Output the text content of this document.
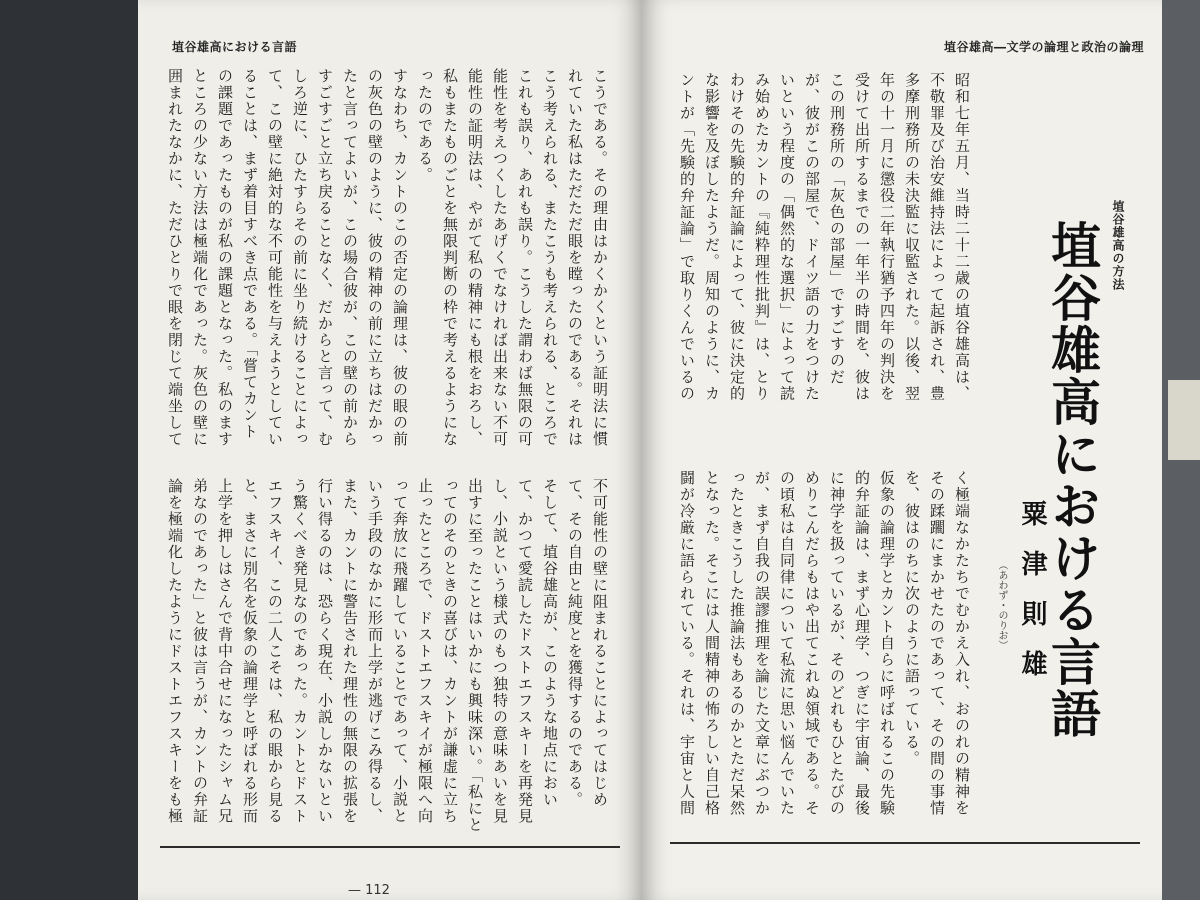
埴谷雄高における言語
こうである。その理由はかくかくという証明法に慣れていた私はただただ眼を瞠ったのである。それはこう考えられる、またこうも考えられる、ところでこれも誤り、あれも誤り。こうした謂わば無限の可能性を考えつくしたあげくでなければ出来ない不可能性の証明法は、やがて私の精神にも根をおろし、私もまたものごとを無限判断の枠で考えるようになったのである。
すなわち、カントのこの否定の論理は、彼の眼の前の灰色の壁のように、彼の精神の前に立ちはだかったと言ってよいが、この場合彼が、この壁の前からすごすごと立ち戻ることなく、だからと言って、むしろ逆に、ひたすらその前に坐り続けることによって、この壁に絶対的な不可能性を与えようとしていることは、まず着目すべき点である。「嘗てカントの課題であったものが私の課題となった。私のますところの少ない方法は極端化であった。灰色の壁に囲まれたなかに、ただひとりで眼を閉じて端坐して
不可能性の壁に阻まれることによってはじめて、その自由と純度とを獲得するのである。
そして、埴谷雄高が、このような地点において、かつて愛読したドストエフスキーを再発見し、小説という様式のもつ独特の意味あいを見出すに至ったことはいかにも興味深い。「私にとってのそのときの喜びは、カントが謙虚に立ち止ったところで、ドストエフスキイが極限へ向って奔放に飛躍していることであって、小説という手段のなかに形而上学が逃げこみ得るし、また、カントに警告された理性の無限の拡張を行い得るのは、恐らく現在、小説しかないという驚くべき発見なのであった。カントとドストエフスキイ、この二人こそは、私の眼から見ると、まさに別名を仮象の論理学と呼ばれる形而上学を押しはさんで背中合せになったシャム兄弟なのであった」と彼は言うが、カントの弁証論を極端化したようにドストエフスキーをも極
— 112
埴谷雄高―文学の論理と政治の論理
昭和七年五月、当時二十二歳の埴谷雄高は、不敬罪及び治安維持法によって起訴され、豊多摩刑務所の未決監に収監された。以後、翌年の十一月に懲役二年執行猶予四年の判決を受けて出所するまでの一年半の時間を、彼はこの刑務所の「灰色の部屋」ですごすのだが、彼がこの部屋で、ドイツ語の力をつけたいという程度の「偶然的な選択」によって読み始めたカントの『純粋理性批判』は、とりわけその先験的弁証論によって、彼に決定的な影響を及ぼしたようだ。周知のように、カントが「先験的弁証論」で取りくんでいるの
埴谷雄高の方法
埴谷雄高における言語
粟津則雄
（あわず・のりお）
く極端なかたちでむかえ入れ、おのれの精神をその蹂躙にまかせたのであって、その間の事情を、彼はのちに次のように語っている。
仮象の論理学とカント自らに呼ばれるこの先験的弁証論は、まず心理学、つぎに宇宙論、最後に神学を扱っているが、そのどれもひとたびのめりこんだらもはや出てこれぬ領域である。その頃私は自同律について私流に思い悩んでいたが、まず自我の誤謬推理を論じた文章にぶつかったときこうした推論法もあるのかとただ呆然となった。そこには人間精神の怖ろしい自己格闘が冷厳に語られている。それは、宇宙と人間
